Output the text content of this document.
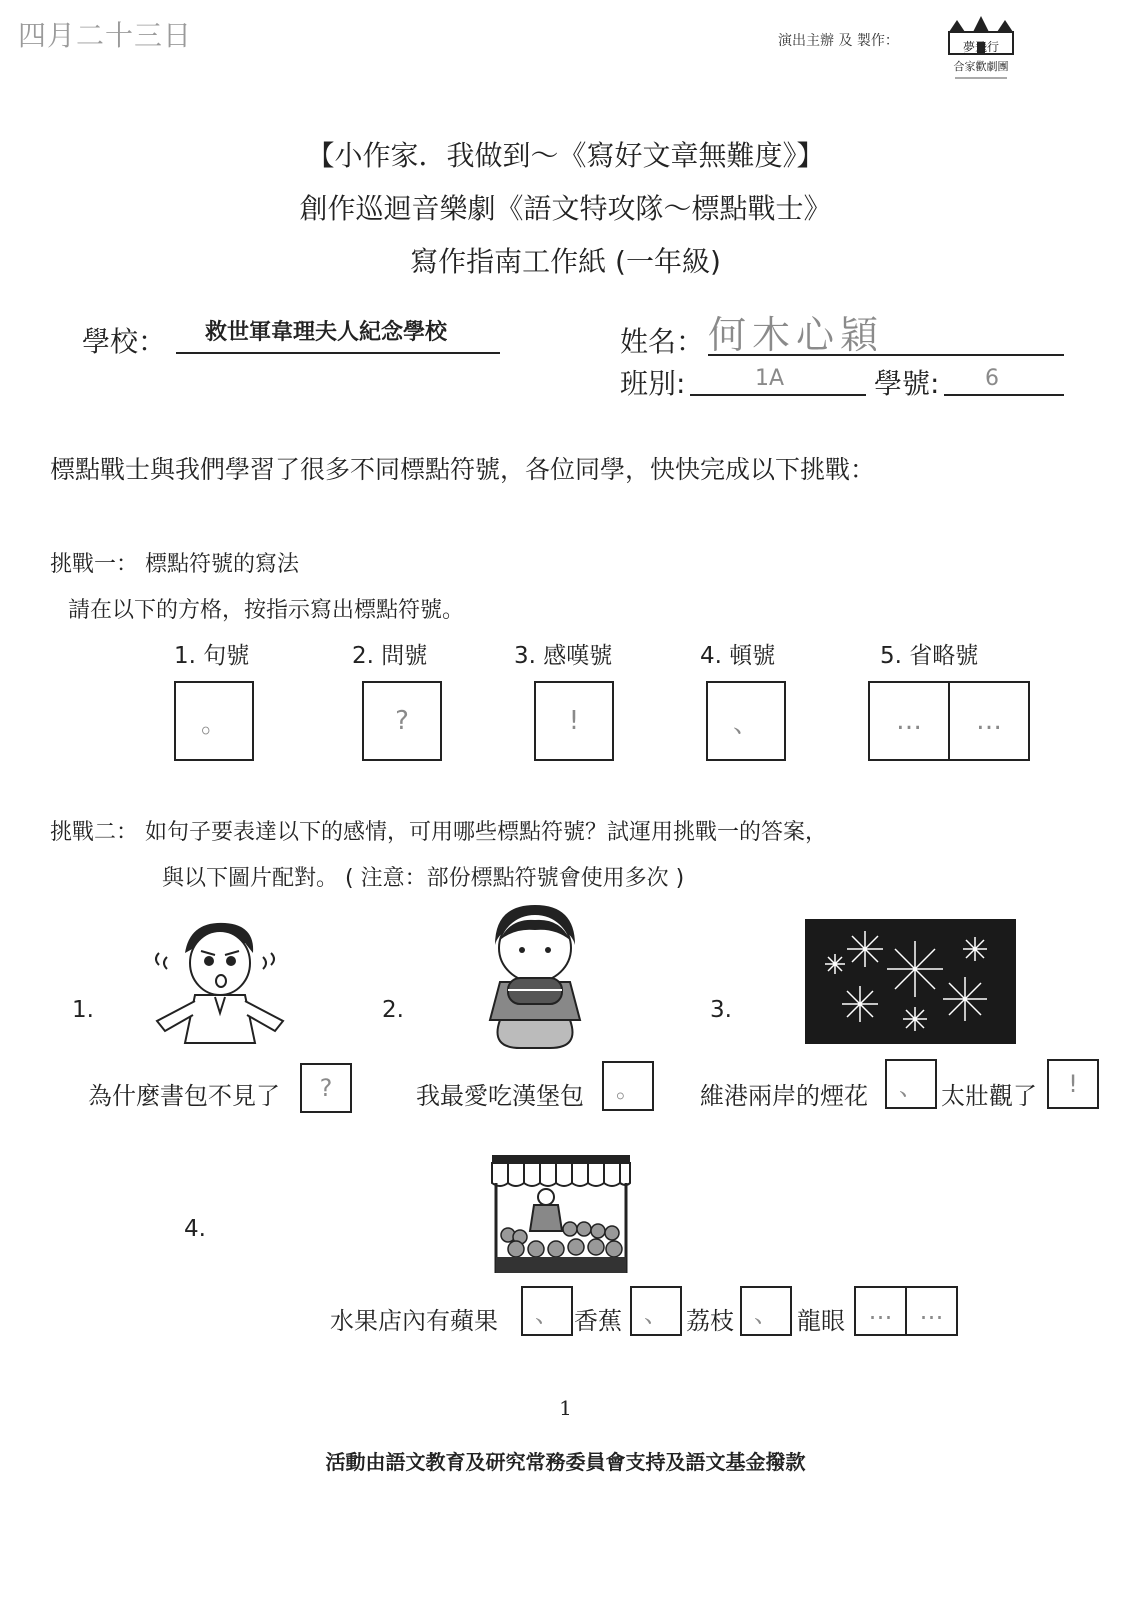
四月二十三日	演出主辦 及 製作：	夢飛行
合家歡劇團
【小作家．我做到～《寫好文章無難度》】
創作巡迴音樂劇《語文特攻隊～標點戰士》
寫作指南工作紙 (一年級)
學校： 救世軍韋理夫人紀念學校	姓名： 何木心穎
班別:	1A	學號: 6
標點戰士與我們學習了很多不同標點符號，各位同學，快快完成以下挑戰：
挑戰一： 標點符號的寫法
請在以下的方格，按指示寫出標點符號。
1. 句號	2. 問號	3. 感嘆號	4. 頓號	5. 省略號
。	?	!	、	…	…
挑戰二： 如句子要表達以下的感情，可用哪些標點符號？試運用挑戰一的答案，
與以下圖片配對。 ( 注意：部份標點符號會使用多次 )
1.
為什麼書包不見了	?
2.
我最愛吃漢堡包	。
3.
維港兩岸的煙花	、 太壯觀了	!
4.
水果店內有蘋果	、 香蕉 、 荔枝 、 龍眼 …	…
1
活動由語文教育及研究常務委員會支持及語文基金撥款
